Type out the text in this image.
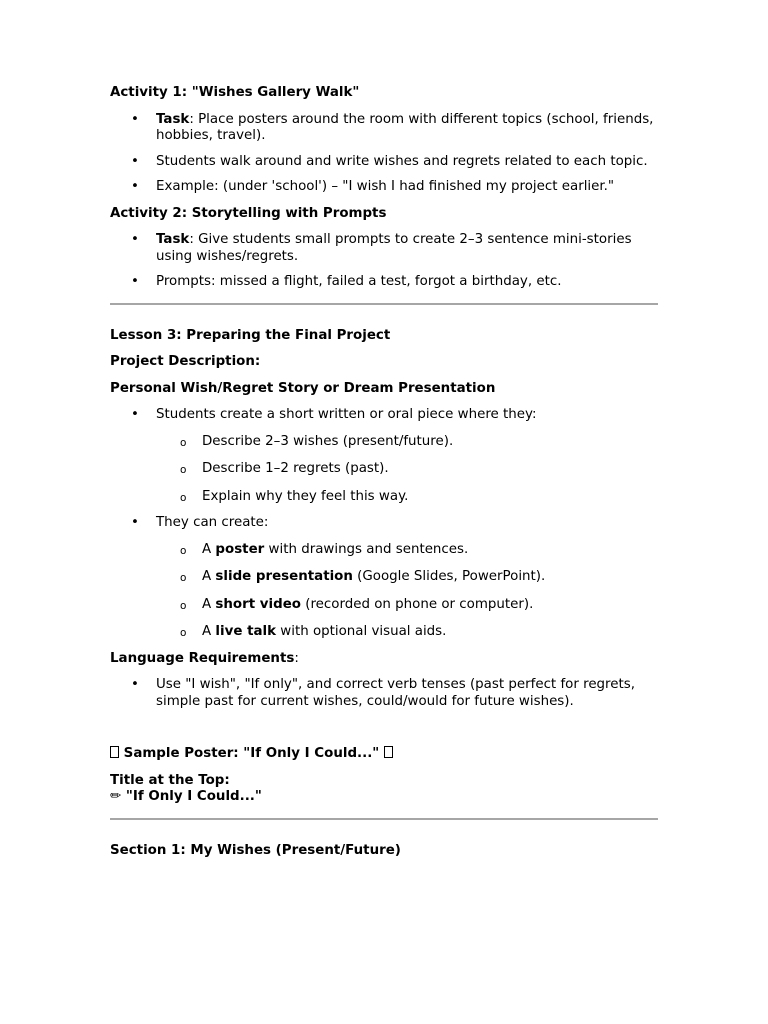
Activity 1: "Wishes Gallery Walk"

• Task: Place posters around the room with different topics (school, friends, hobbies, travel).
• Students walk around and write wishes and regrets related to each topic.
• Example: (under 'school') – "I wish I had finished my project earlier."

Activity 2: Storytelling with Prompts

• Task: Give students small prompts to create 2–3 sentence mini-stories using wishes/regrets.
• Prompts: missed a flight, failed a test, forgot a birthday, etc.

Lesson 3: Preparing the Final Project

Project Description:

Personal Wish/Regret Story or Dream Presentation

• Students create a short written or oral piece where they:
o Describe 2–3 wishes (present/future).
o Describe 1–2 regrets (past).
o Explain why they feel this way.
• They can create:
o A poster with drawings and sentences.
o A slide presentation (Google Slides, PowerPoint).
o A short video (recorded on phone or computer).
o A live talk with optional visual aids.

Language Requirements:

• Use "I wish", "If only", and correct verb tenses (past perfect for regrets, simple past for current wishes, could/would for future wishes).

Sample Poster: "If Only I Could..."

Title at the Top:

✏ "If Only I Could..."

Section 1: My Wishes (Present/Future)
